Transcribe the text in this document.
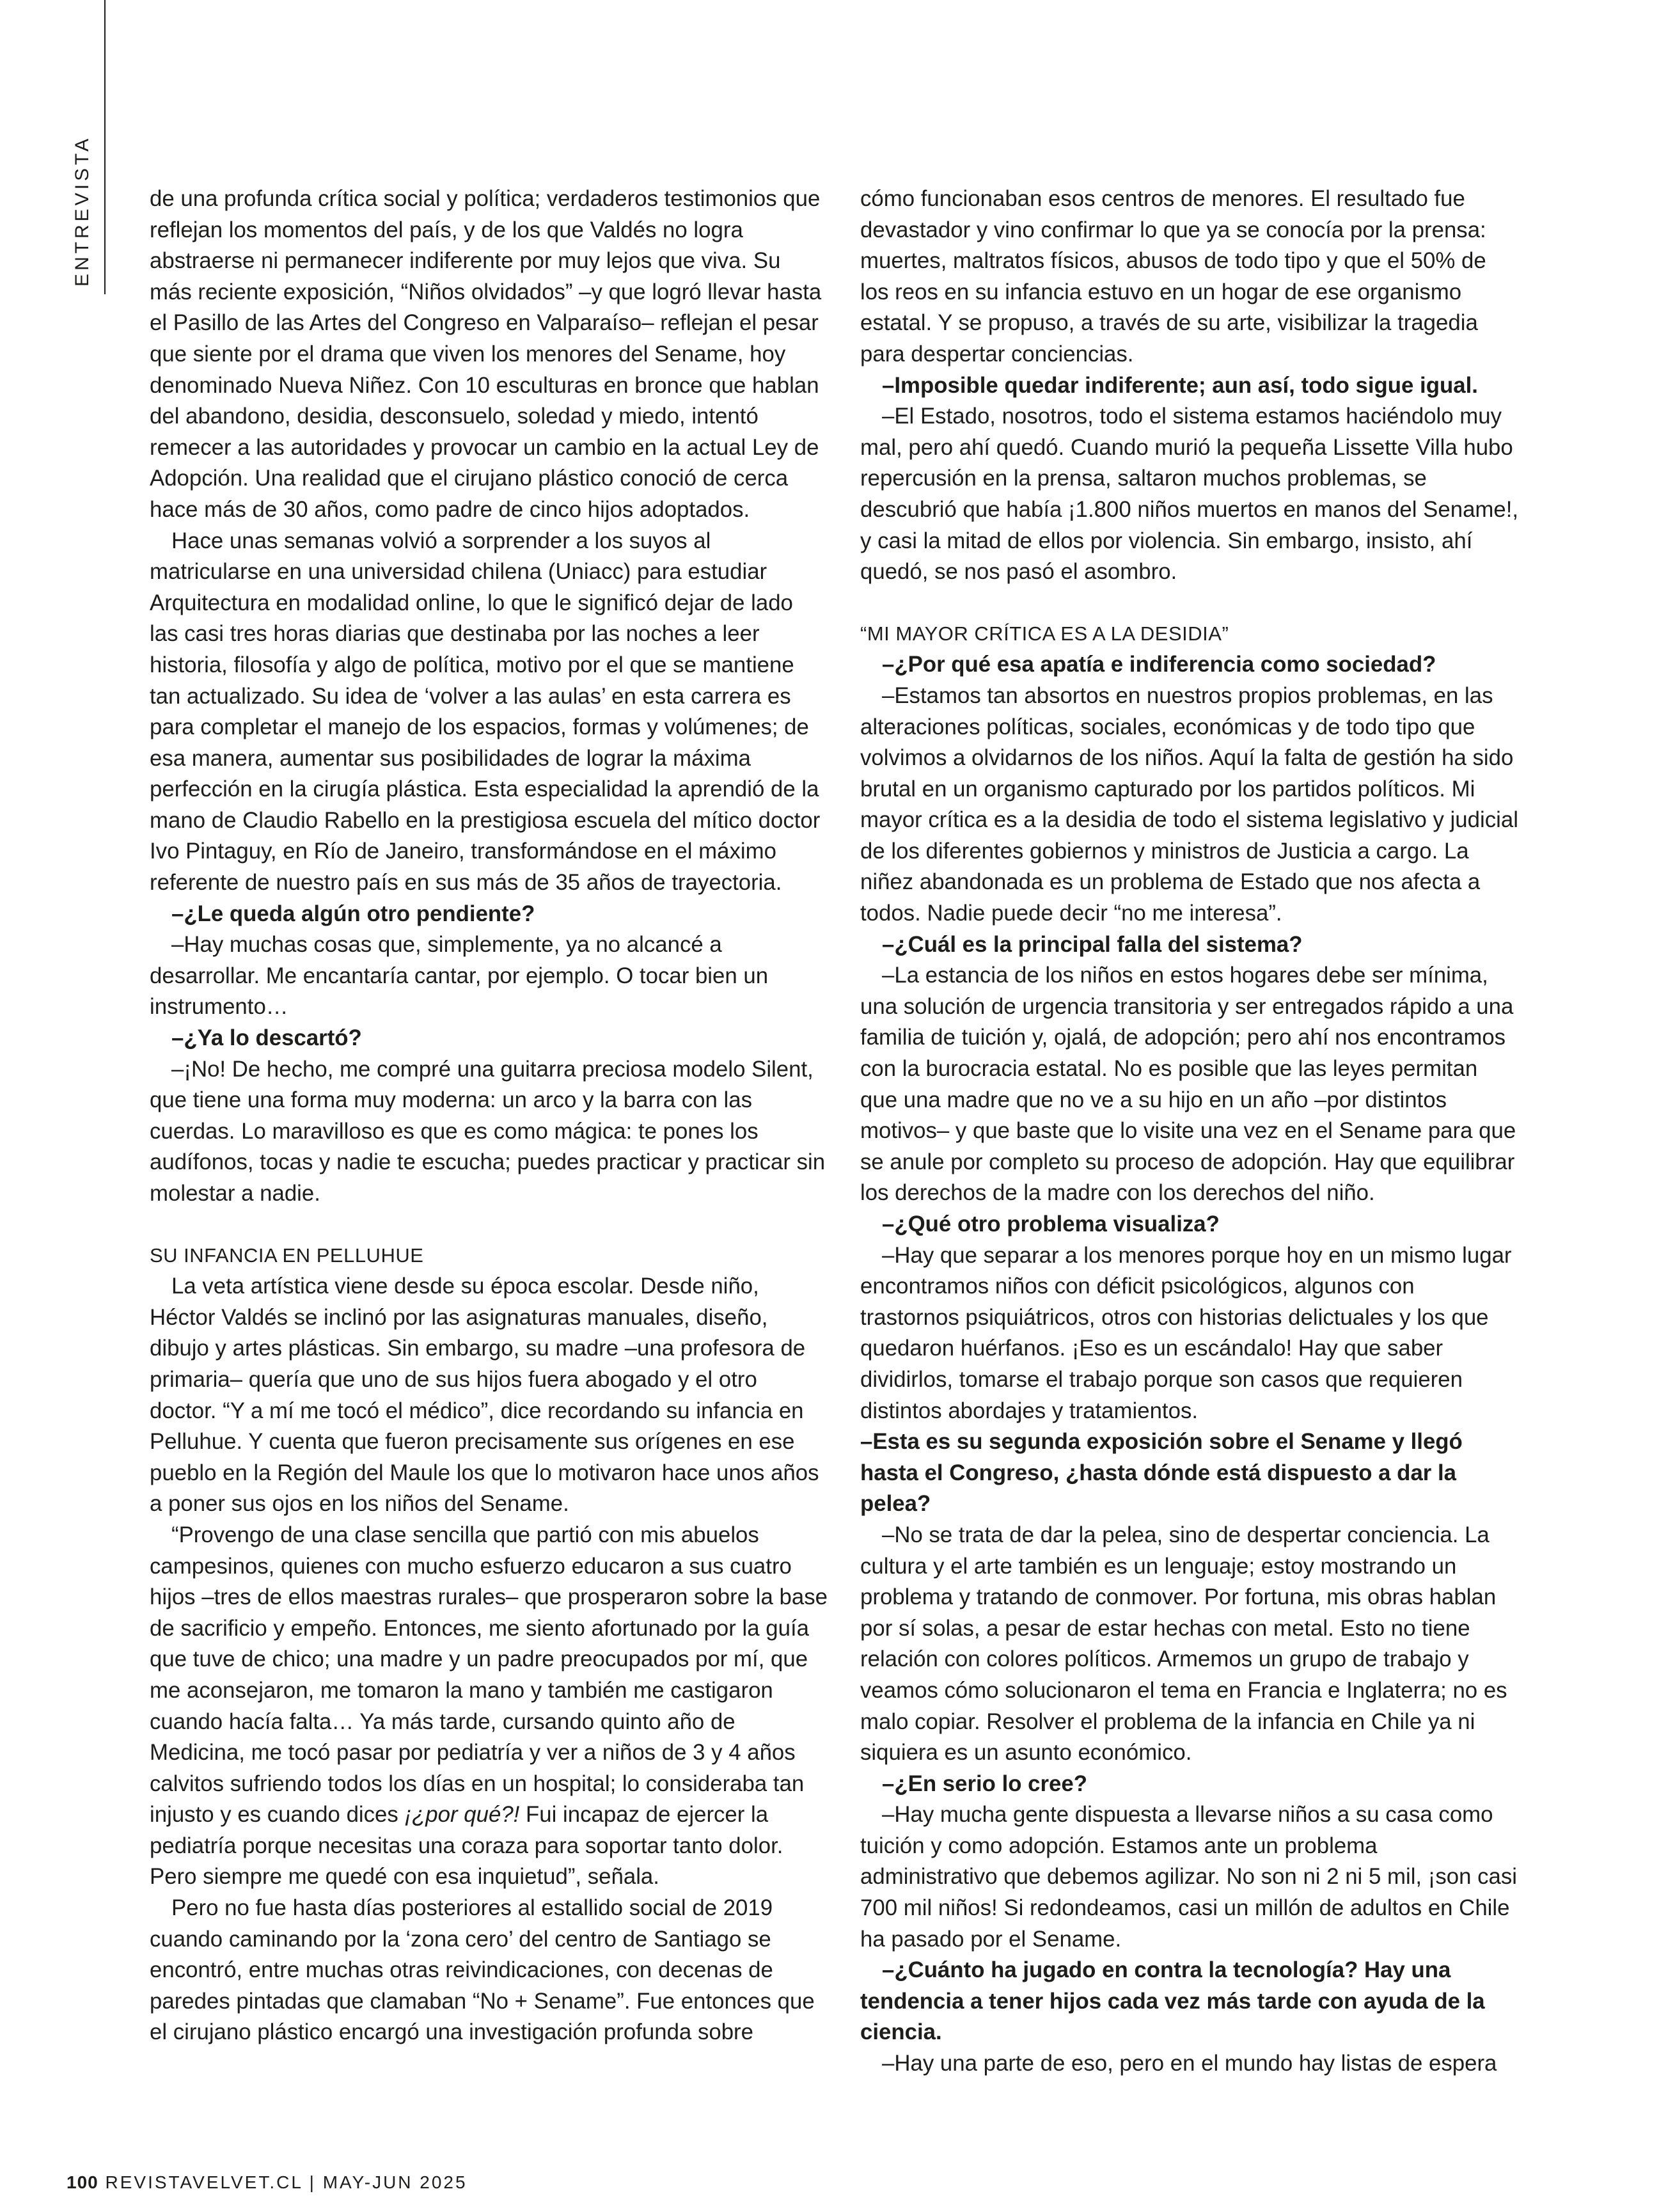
ENTREVISTA	de una profunda crítica social y política; verdaderos testimonios que reflejan los momentos del país, y de los que Valdés no logra abstraerse ni permanecer indiferente por muy lejos que viva. Su más reciente exposición, “Niños olvidados” –y que logró llevar hasta el Pasillo de las Artes del Congreso en Valparaíso– reflejan el pesar que siente por el drama que viven los menores del Sename, hoy denominado Nueva Niñez. Con 10 esculturas en bronce que hablan del abandono, desidia, desconsuelo, soledad y miedo, intentó remecer a las autoridades y provocar un cambio en la actual Ley de Adopción. Una realidad que el cirujano plástico conoció de cerca hace más de 30 años, como padre de cinco hijos adoptados.

Hace unas semanas volvió a sorprender a los suyos al matricularse en una universidad chilena (Uniacc) para estudiar Arquitectura en modalidad online, lo que le significó dejar de lado las casi tres horas diarias que destinaba por las noches a leer historia, filosofía y algo de política, motivo por el que se mantiene tan actualizado. Su idea de ‘volver a las aulas’ en esta carrera es para completar el manejo de los espacios, formas y volúmenes; de esa manera, aumentar sus posibilidades de lograr la máxima perfección en la cirugía plástica. Esta especialidad la aprendió de la mano de Claudio Rabello en la prestigiosa escuela del mítico doctor Ivo Pintaguy, en Río de Janeiro, transformándose en el máximo referente de nuestro país en sus más de 35 años de trayectoria.

–¿Le queda algún otro pendiente?

–Hay muchas cosas que, simplemente, ya no alcancé a desarrollar. Me encantaría cantar, por ejemplo. O tocar bien un instrumento…

–¿Ya lo descartó?

–¡No! De hecho, me compré una guitarra preciosa modelo Silent, que tiene una forma muy moderna: un arco y la barra con las cuerdas. Lo maravilloso es que es como mágica: te pones los audífonos, tocas y nadie te escucha; puedes practicar y practicar sin molestar a nadie.

SU INFANCIA EN PELLUHUE

La veta artística viene desde su época escolar. Desde niño, Héctor Valdés se inclinó por las asignaturas manuales, diseño, dibujo y artes plásticas. Sin embargo, su madre –una profesora de primaria– quería que uno de sus hijos fuera abogado y el otro doctor. “Y a mí me tocó el médico”, dice recordando su infancia en Pelluhue. Y cuenta que fueron precisamente sus orígenes en ese pueblo en la Región del Maule los que lo motivaron hace unos años a poner sus ojos en los niños del Sename.

“Provengo de una clase sencilla que partió con mis abuelos campesinos, quienes con mucho esfuerzo educaron a sus cuatro hijos –tres de ellos maestras rurales– que prosperaron sobre la base de sacrificio y empeño. Entonces, me siento afortunado por la guía que tuve de chico; una madre y un padre preocupados por mí, que me aconsejaron, me tomaron la mano y también me castigaron cuando hacía falta… Ya más tarde, cursando quinto año de Medicina, me tocó pasar por pediatría y ver a niños de 3 y 4 años calvitos sufriendo todos los días en un hospital; lo consideraba tan injusto y es cuando dices ¡¿por qué?! Fui incapaz de ejercer la pediatría porque necesitas una coraza para soportar tanto dolor. Pero siempre me quedé con esa inquietud”, señala.

Pero no fue hasta días posteriores al estallido social de 2019 cuando caminando por la ‘zona cero’ del centro de Santiago se encontró, entre muchas otras reivindicaciones, con decenas de paredes pintadas que clamaban “No + Sename”. Fue entonces que el cirujano plástico encargó una investigación profunda sobre

cómo funcionaban esos centros de menores. El resultado fue devastador y vino confirmar lo que ya se conocía por la prensa: muertes, maltratos físicos, abusos de todo tipo y que el 50% de los reos en su infancia estuvo en un hogar de ese organismo estatal. Y se propuso, a través de su arte, visibilizar la tragedia para despertar conciencias.

–Imposible quedar indiferente; aun así, todo sigue igual.

–El Estado, nosotros, todo el sistema estamos haciéndolo muy mal, pero ahí quedó. Cuando murió la pequeña Lissette Villa hubo repercusión en la prensa, saltaron muchos problemas, se descubrió que había ¡1.800 niños muertos en manos del Sename!, y casi la mitad de ellos por violencia. Sin embargo, insisto, ahí quedó, se nos pasó el asombro.

“MI MAYOR CRÍTICA ES A LA DESIDIA”

–¿Por qué esa apatía e indiferencia como sociedad?

–Estamos tan absortos en nuestros propios problemas, en las alteraciones políticas, sociales, económicas y de todo tipo que volvimos a olvidarnos de los niños. Aquí la falta de gestión ha sido brutal en un organismo capturado por los partidos políticos. Mi mayor crítica es a la desidia de todo el sistema legislativo y judicial de los diferentes gobiernos y ministros de Justicia a cargo. La niñez abandonada es un problema de Estado que nos afecta a todos. Nadie puede decir “no me interesa”.

–¿Cuál es la principal falla del sistema?

–La estancia de los niños en estos hogares debe ser mínima, una solución de urgencia transitoria y ser entregados rápido a una familia de tuición y, ojalá, de adopción; pero ahí nos encontramos con la burocracia estatal. No es posible que las leyes permitan que una madre que no ve a su hijo en un año –por distintos motivos– y que baste que lo visite una vez en el Sename para que se anule por completo su proceso de adopción. Hay que equilibrar los derechos de la madre con los derechos del niño.

–¿Qué otro problema visualiza?

–Hay que separar a los menores porque hoy en un mismo lugar encontramos niños con déficit psicológicos, algunos con trastornos psiquiátricos, otros con historias delictuales y los que quedaron huérfanos. ¡Eso es un escándalo! Hay que saber dividirlos, tomarse el trabajo porque son casos que requieren distintos abordajes y tratamientos.

–Esta es su segunda exposición sobre el Sename y llegó hasta el Congreso, ¿hasta dónde está dispuesto a dar la pelea?

–No se trata de dar la pelea, sino de despertar conciencia. La cultura y el arte también es un lenguaje; estoy mostrando un problema y tratando de conmover. Por fortuna, mis obras hablan por sí solas, a pesar de estar hechas con metal. Esto no tiene relación con colores políticos. Armemos un grupo de trabajo y veamos cómo solucionaron el tema en Francia e Inglaterra; no es malo copiar. Resolver el problema de la infancia en Chile ya ni siquiera es un asunto económico.

–¿En serio lo cree?

–Hay mucha gente dispuesta a llevarse niños a su casa como tuición y como adopción. Estamos ante un problema administrativo que debemos agilizar. No son ni 2 ni 5 mil, ¡son casi 700 mil niños! Si redondeamos, casi un millón de adultos en Chile ha pasado por el Sename.

–¿Cuánto ha jugado en contra la tecnología? Hay una tendencia a tener hijos cada vez más tarde con ayuda de la ciencia.

–Hay una parte de eso, pero en el mundo hay listas de espera

100 REVISTAVELVET.CL | MAY-JUN 2025
